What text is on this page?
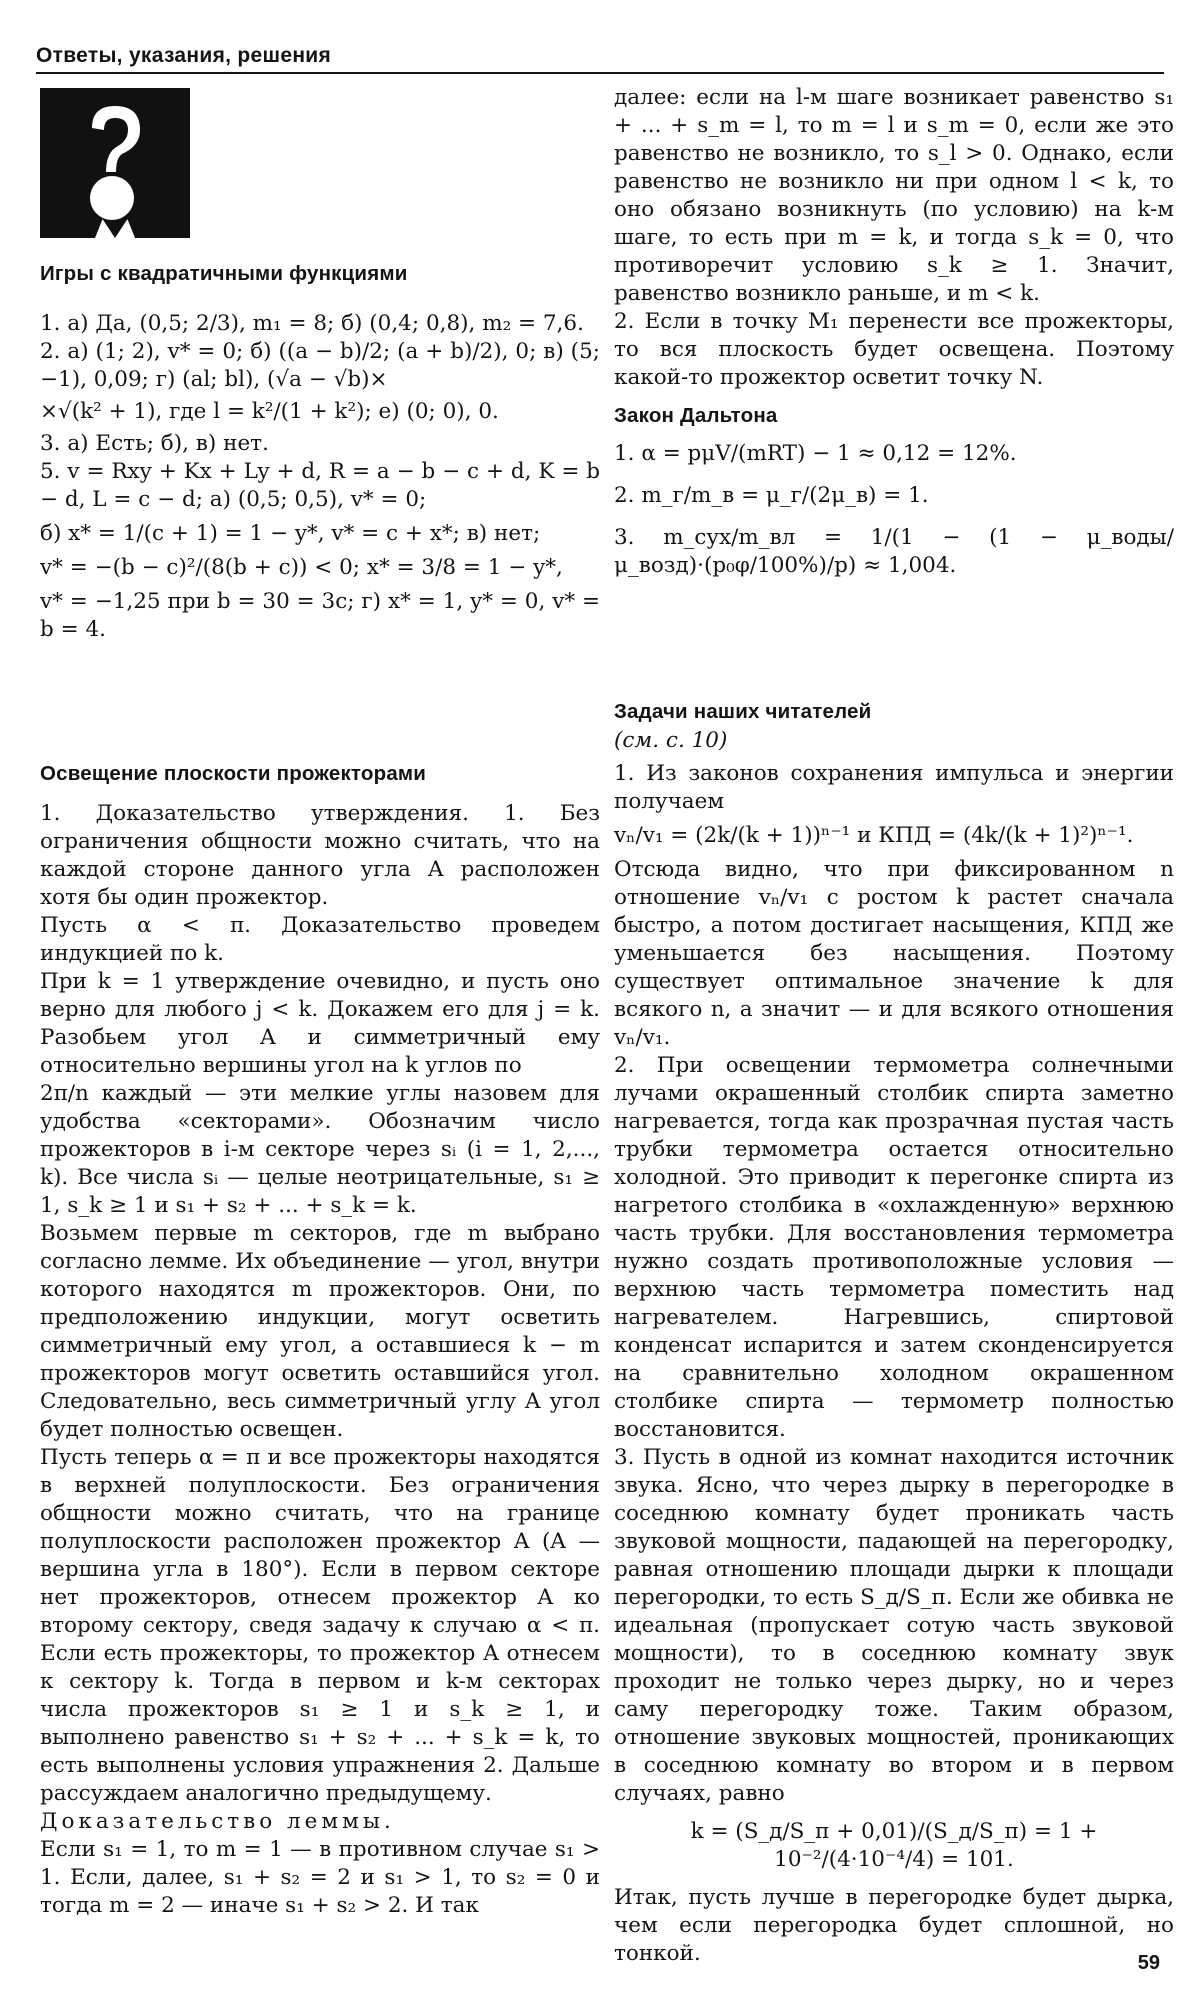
Ответы, указания, решения
Игры с квадратичными функциями

1. а) Да, (0,5; 2/3), m₁ = 8; б) (0,4; 0,8), m₂ = 7,6.

2. а) (1; 2), v* = 0; б) ((a − b)/2; (a + b)/2), 0; в) (5; −1), 0,09; г) (al; bl), (√a − √b)×

×√(k² + 1), где l = k²/(1 + k²); е) (0; 0), 0.

3. а) Есть; б), в) нет.

5. v = Rxy + Kx + Ly + d, R = a − b − c + d, K = b − d, L = c − d; а) (0,5; 0,5), v* = 0;

б) x* = 1/(c + 1) = 1 − y*, v* = c + x*; в) нет;

v* = −(b − c)²/(8(b + c)) < 0; x* = 3/8 = 1 − y*,

v* = −1,25 при b = 30 = 3c; г) x* = 1, y* = 0, v* = b = 4.

Освещение плоскости прожекторами

1. Доказательство утверждения. 1. Без ограничения общности можно считать, что на каждой стороне данного угла A расположен хотя бы один прожектор.

Пусть α < π. Доказательство проведем индукцией по k.

При k = 1 утверждение очевидно, и пусть оно верно для любого j < k. Докажем его для j = k. Разобьем угол A и симметричный ему относительно вершины угол на k углов по

2π/n каждый — эти мелкие углы назовем для удобства «секторами». Обозначим число прожекторов в i-м секторе через sᵢ (i = 1, 2,..., k). Все числа sᵢ — целые неотрицательные, s₁ ≥ 1, s_k ≥ 1 и s₁ + s₂ + ... + s_k = k.

Возьмем первые m секторов, где m выбрано согласно лемме. Их объединение — угол, внутри которого находятся m прожекторов. Они, по предположению индукции, могут осветить симметричный ему угол, а оставшиеся k − m прожекторов могут осветить оставшийся угол. Следовательно, весь симметричный углу A угол будет полностью освещен.

Пусть теперь α = π и все прожекторы находятся в верхней полуплоскости. Без ограничения общности можно считать, что на границе полуплоскости расположен прожектор A (A — вершина угла в 180°). Если в первом секторе нет прожекторов, отнесем прожектор A ко второму сектору, сведя задачу к случаю α < π. Если есть прожекторы, то прожектор A отнесем к сектору k. Тогда в первом и k-м секторах числа прожекторов s₁ ≥ 1 и s_k ≥ 1, и выполнено равенство s₁ + s₂ + ... + s_k = k, то есть выполнены условия упражнения 2. Дальше рассуждаем аналогично предыдущему.

Доказательство леммы.

Если s₁ = 1, то m = 1 — в противном случае s₁ > 1. Если, далее, s₁ + s₂ = 2 и s₁ > 1, то s₂ = 0 и тогда m = 2 — иначе s₁ + s₂ > 2. И так

далее: если на l-м шаге возникает равенство s₁ + ... + s_m = l, то m = l и s_m = 0, если же это равенство не возникло, то s_l > 0. Однако, если равенство не возникло ни при одном l < k, то оно обязано возникнуть (по условию) на k-м шаге, то есть при m = k, и тогда s_k = 0, что противоречит условию s_k ≥ 1. Значит, равенство возникло раньше, и m < k.

2. Если в точку M₁ перенести все прожекторы, то вся плоскость будет освещена. Поэтому какой-то прожектор осветит точку N.

Закон Дальтона

1. α = pμV/(mRT) − 1 ≈ 0,12 = 12%.

2. m_г/m_в = μ_г/(2μ_в) = 1.

3. m_сух/m_вл = 1/(1 − (1 − μ_воды/μ_возд)·(p₀φ/100%)/p) ≈ 1,004.

Задачи наших читателей
(см. с. 10)

1. Из законов сохранения импульса и энергии получаем

vₙ/v₁ = (2k/(k + 1))ⁿ⁻¹ и КПД = (4k/(k + 1)²)ⁿ⁻¹.

Отсюда видно, что при фиксированном n отношение vₙ/v₁ с ростом k растет сначала быстро, а потом достигает насыщения, КПД же уменьшается без насыщения. Поэтому существует оптимальное значение k для всякого n, а значит — и для всякого отношения vₙ/v₁.

2. При освещении термометра солнечными лучами окрашенный столбик спирта заметно нагревается, тогда как прозрачная пустая часть трубки термометра остается относительно холодной. Это приводит к перегонке спирта из нагретого столбика в «охлажденную» верхнюю часть трубки. Для восстановления термометра нужно создать противоположные условия — верхнюю часть термометра поместить над нагревателем. Нагревшись, спиртовой конденсат испарится и затем сконденсируется на сравнительно холодном окрашенном столбике спирта — термометр полностью восстановится.

3. Пусть в одной из комнат находится источник звука. Ясно, что через дырку в перегородке в соседнюю комнату будет проникать часть звуковой мощности, падающей на перегородку, равная отношению площади дырки к площади перегородки, то есть S_д/S_п. Если же обивка не идеальная (пропускает сотую часть звуковой мощности), то в соседнюю комнату звук проходит не только через дырку, но и через саму перегородку тоже. Таким образом, отношение звуковых мощностей, проникающих в соседнюю комнату во втором и в первом случаях, равно

k = (S_д/S_п + 0,01)/(S_д/S_п) = 1 + 10⁻²/(4·10⁻⁴/4) = 101.

Итак, пусть лучше в перегородке будет дырка, чем если перегородка будет сплошной, но тонкой.	59
